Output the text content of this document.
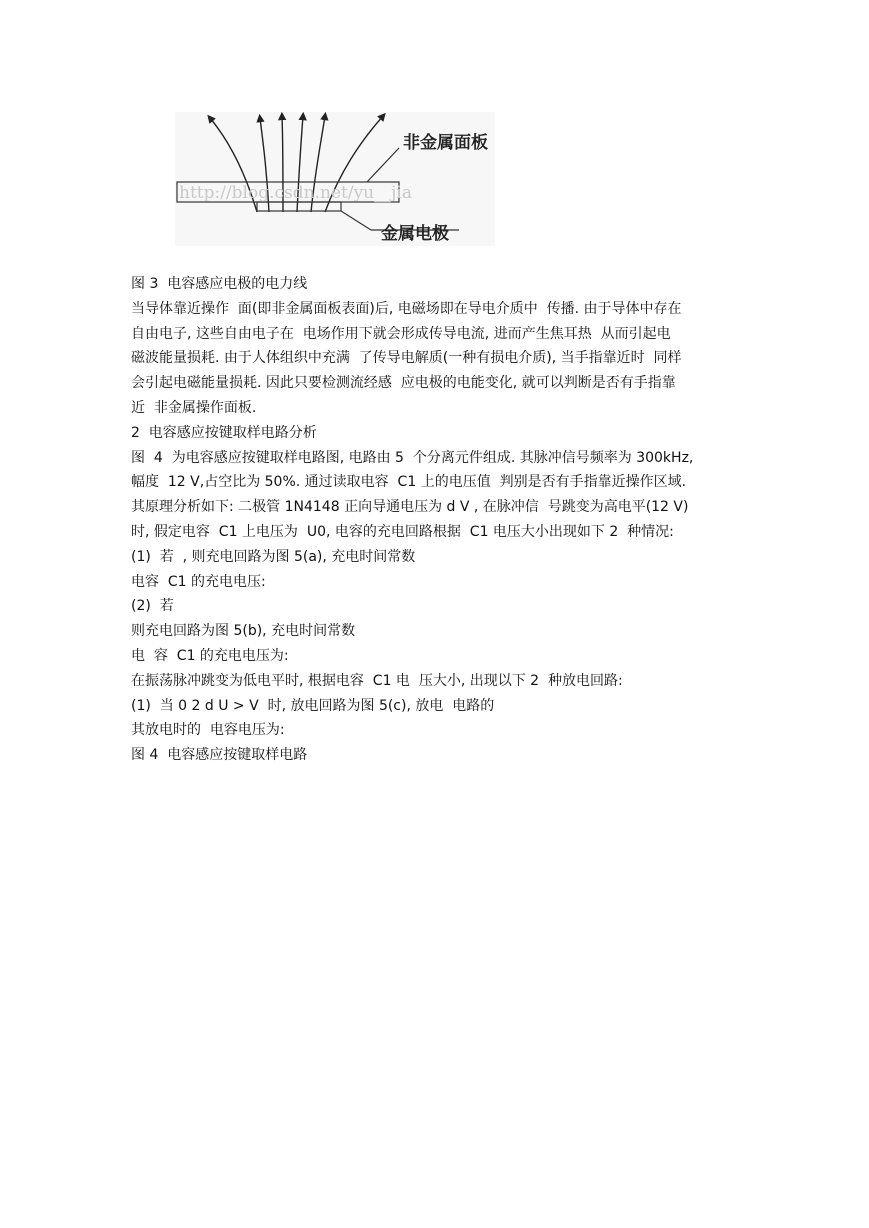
http://blog.csdn.net/yu__jia
非金属面板
金属电极
图 3  电容感应电极的电力线
当导体靠近操作  面(即非金属面板表面)后, 电磁场即在导电介质中  传播. 由于导体中存在
自由电子, 这些自由电子在  电场作用下就会形成传导电流, 进而产生焦耳热  从而引起电
磁波能量损耗. 由于人体组织中充满  了传导电解质(一种有损电介质), 当手指靠近时  同样
会引起电磁能量损耗. 因此只要检测流经感  应电极的电能变化, 就可以判断是否有手指靠
近  非金属操作面板.
2  电容感应按键取样电路分析
图  4  为电容感应按键取样电路图, 电路由 5  个分离元件组成. 其脉冲信号频率为 300kHz,
幅度  12 V,占空比为 50%. 通过读取电容  C1 上的电压值  判别是否有手指靠近操作区域.
其原理分析如下: 二极管 1N4148 正向导通电压为 d V , 在脉冲信  号跳变为高电平(12 V)
时, 假定电容  C1 上电压为  U0, 电容的充电回路根据  C1 电压大小出现如下 2  种情况:
(1)  若  , 则充电回路为图 5(a), 充电时间常数
电容  C1 的充电电压:
(2)  若
则充电回路为图 5(b), 充电时间常数
电  容  C1 的充电电压为:
在振荡脉冲跳变为低电平时, 根据电容  C1 电  压大小, 出现以下 2  种放电回路:
(1)  当 0 2 d U > V  时, 放电回路为图 5(c), 放电  电路的
其放电时的  电容电压为:
图 4  电容感应按键取样电路
